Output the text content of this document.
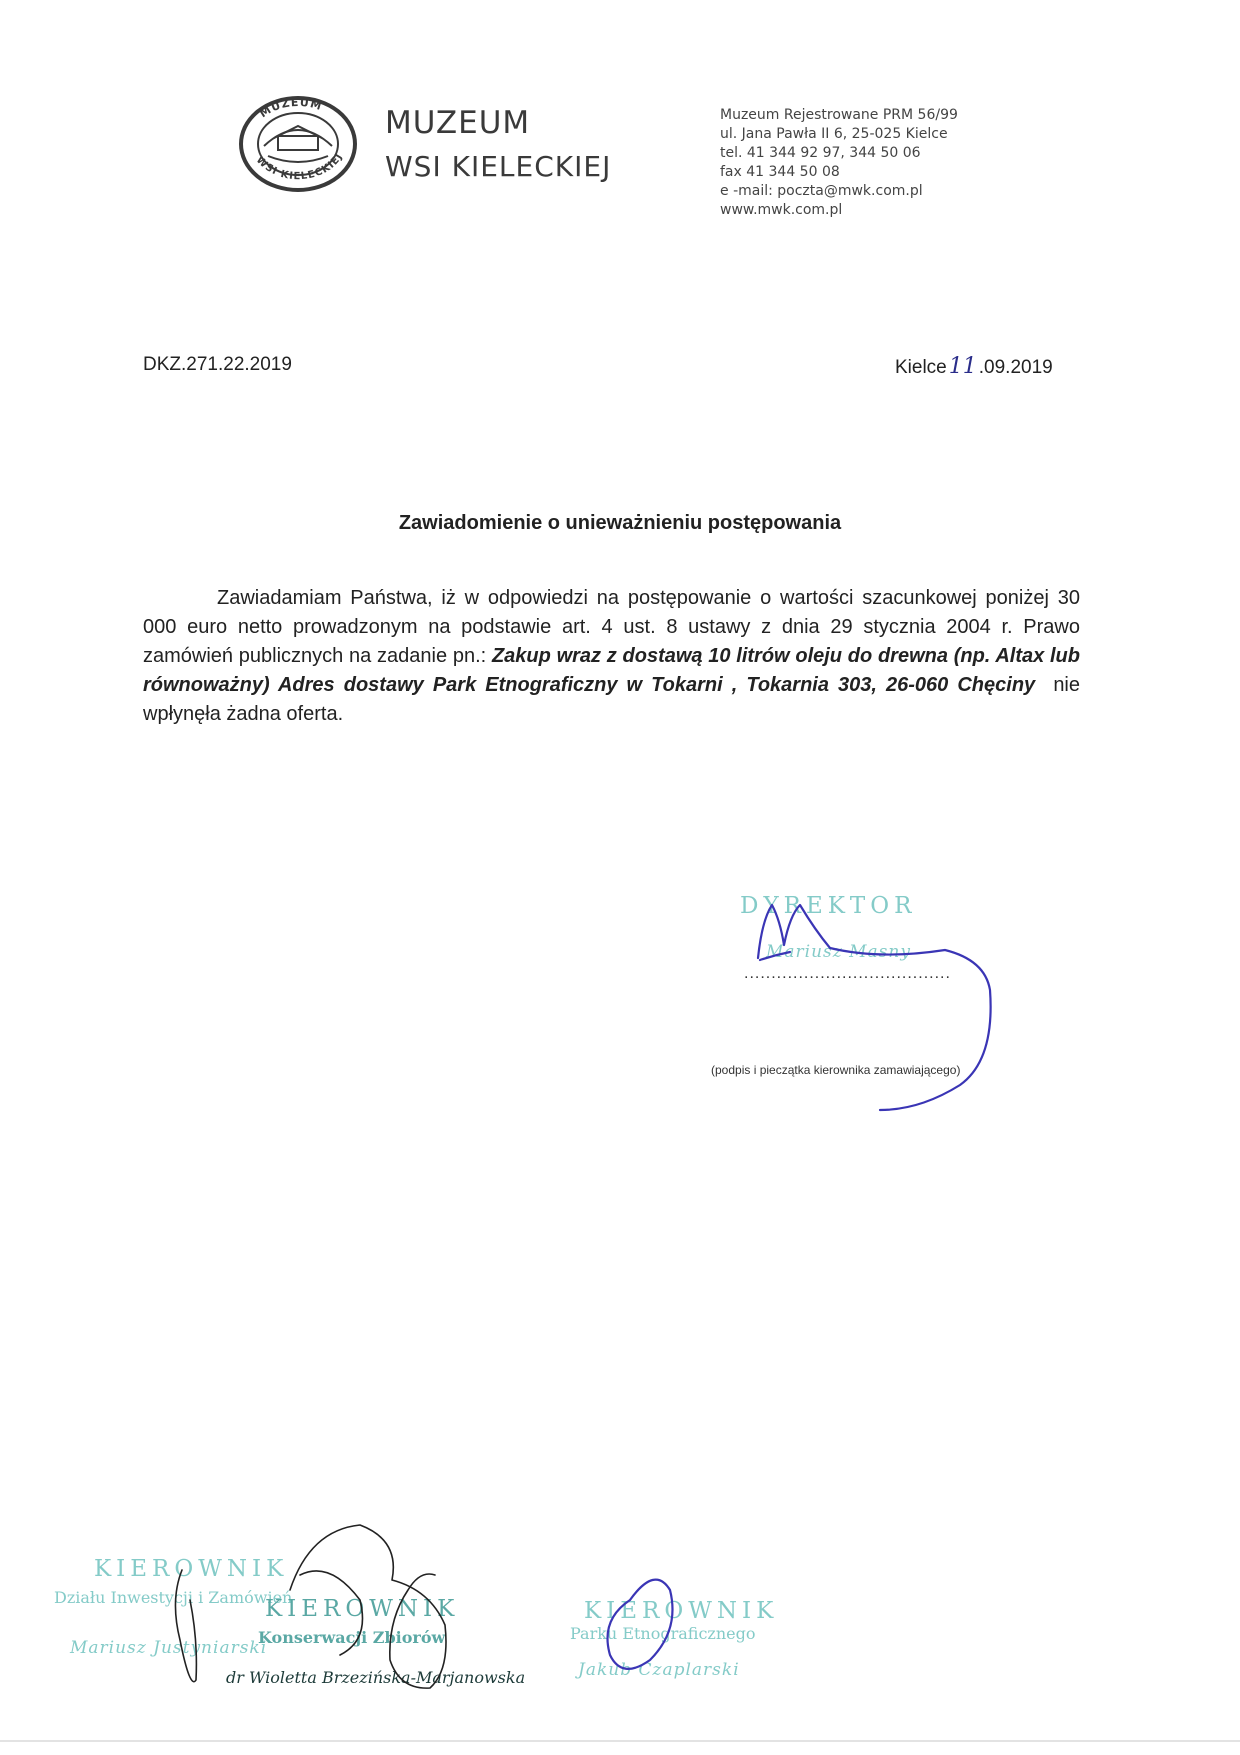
MUZEUM
WSI KIELECKIEJ
MUZEUM
WSI KIELECKIEJ
Muzeum Rejestrowane PRM 56/99
ul. Jana Pawła II 6, 25-025 Kielce
tel. 41 344 92 97, 344 50 06
fax 41 344 50 08
e -mail: poczta@mwk.com.pl
www.mwk.com.pl
DKZ.271.22.2019	Kielce11 .09.2019
Zawiadomienie o unieważnieniu postępowania
Zawiadamiam Państwa, iż w odpowiedzi na postępowanie o wartości szacunkowej poniżej 30 000 euro netto prowadzonym na podstawie art. 4 ust. 8 ustawy z dnia 29 stycznia 2004 r. Prawo zamówień publicznych na zadanie pn.: Zakup wraz z dostawą 10 litrów oleju do drewna (np. Altax lub równoważny) Adres dostawy Park Etnograficzny w Tokarni , Tokarnia 303, 26-060 Chęciny nie wpłynęła żadna oferta.
DYREKTOR
Mariusz Masny
......................................
(podpis i pieczątka kierownika zamawiającego)
KIEROWNIK
Działu Inwestycji i Zamówień
Mariusz Justyniarski
KIEROWNIK
Konserwacji Zbiorów
dr Wioletta Brzezińska-Marjanowska
KIEROWNIK
Parku Etnograficznego
Jakub Czaplarski
